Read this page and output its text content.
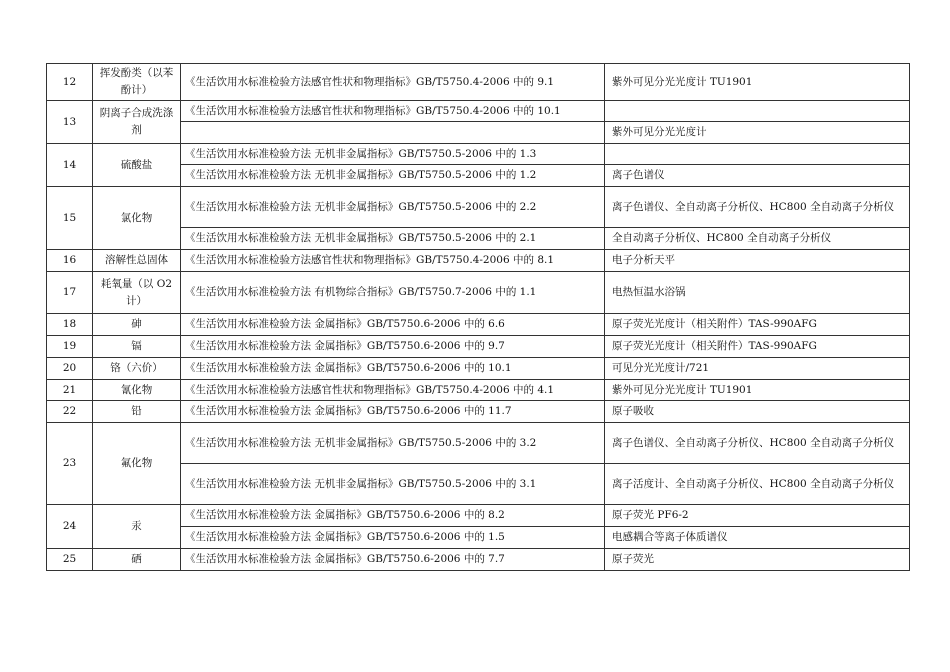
12	挥发酚类（以苯酚计）	《生活饮用水标准检验方法感官性状和物理指标》GB/T5750.4-2006 中的 9.1	紫外可见分光光度计 TU1901
13	阴离子合成洗涤剂	《生活饮用水标准检验方法感官性状和物理指标》GB/T5750.4-2006 中的 10.1	
			紫外可见分光光度计
14	硫酸盐	《生活饮用水标准检验方法 无机非金属指标》GB/T5750.5-2006 中的 1.3	
		《生活饮用水标准检验方法 无机非金属指标》GB/T5750.5-2006 中的 1.2	离子色谱仪
15	氯化物	《生活饮用水标准检验方法 无机非金属指标》GB/T5750.5-2006 中的 2.2	离子色谱仪、全自动离子分析仪、HC800 全自动离子分析仪
		《生活饮用水标准检验方法 无机非金属指标》GB/T5750.5-2006 中的 2.1	全自动离子分析仪、HC800 全自动离子分析仪
16	溶解性总固体	《生活饮用水标准检验方法感官性状和物理指标》GB/T5750.4-2006 中的 8.1	电子分析天平
17	耗氧量（以 O2 计）	《生活饮用水标准检验方法 有机物综合指标》GB/T5750.7-2006 中的 1.1	电热恒温水浴锅
18	砷	《生活饮用水标准检验方法 金属指标》GB/T5750.6-2006 中的 6.6	原子荧光光度计（相关附件）TAS-990AFG
19	镉	《生活饮用水标准检验方法 金属指标》GB/T5750.6-2006 中的 9.7	原子荧光光度计（相关附件）TAS-990AFG
20	铬（六价）	《生活饮用水标准检验方法 金属指标》GB/T5750.6-2006 中的 10.1	可见分光光度计/721
21	氰化物	《生活饮用水标准检验方法感官性状和物理指标》GB/T5750.4-2006 中的 4.1	紫外可见分光光度计 TU1901
22	铅	《生活饮用水标准检验方法 金属指标》GB/T5750.6-2006 中的 11.7	原子吸收
23	氟化物	《生活饮用水标准检验方法 无机非金属指标》GB/T5750.5-2006 中的 3.2	离子色谱仪、全自动离子分析仪、HC800 全自动离子分析仪
		《生活饮用水标准检验方法 无机非金属指标》GB/T5750.5-2006 中的 3.1	离子活度计、全自动离子分析仪、HC800 全自动离子分析仪
24	汞	《生活饮用水标准检验方法 金属指标》GB/T5750.6-2006 中的 8.2	原子荧光 PF6-2
		《生活饮用水标准检验方法 金属指标》GB/T5750.6-2006 中的 1.5	电感耦合等离子体质谱仪
25	硒	《生活饮用水标准检验方法 金属指标》GB/T5750.6-2006 中的 7.7	原子荧光
